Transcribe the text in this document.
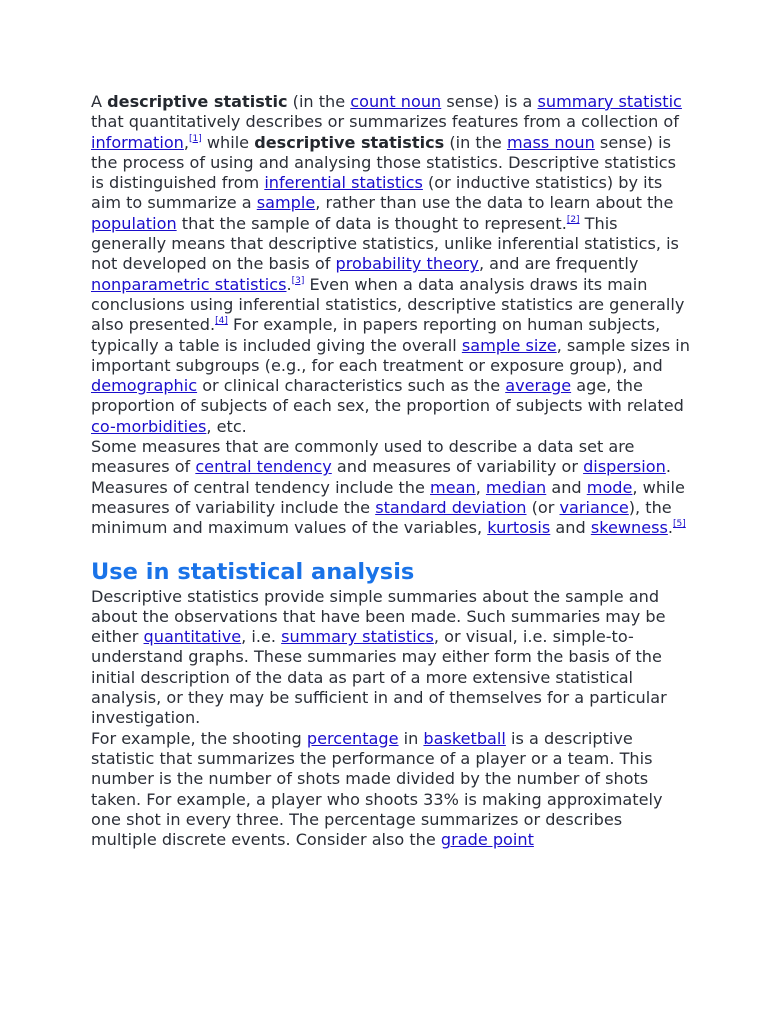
A descriptive statistic (in the count noun sense) is a summary statistic that quantitatively describes or summarizes features from a collection of information,[1] while descriptive statistics (in the mass noun sense) is the process of using and analysing those statistics. Descriptive statistics is distinguished from inferential statistics (or inductive statistics) by its aim to summarize a sample, rather than use the data to learn about the population that the sample of data is thought to represent.[2] This generally means that descriptive statistics, unlike inferential statistics, is not developed on the basis of probability theory, and are frequently nonparametric statistics.[3] Even when a data analysis draws its main conclusions using inferential statistics, descriptive statistics are generally also presented.[4] For example, in papers reporting on human subjects, typically a table is included giving the overall sample size, sample sizes in important subgroups (e.g., for each treatment or exposure group), and demographic or clinical characteristics such as the average age, the proportion of subjects of each sex, the proportion of subjects with related co-morbidities, etc.

Some measures that are commonly used to describe a data set are measures of central tendency and measures of variability or dispersion. Measures of central tendency include the mean, median and mode, while measures of variability include the standard deviation (or variance), the minimum and maximum values of the variables, kurtosis and skewness.[5]

Use in statistical analysis

Descriptive statistics provide simple summaries about the sample and about the observations that have been made. Such summaries may be either quantitative, i.e. summary statistics, or visual, i.e. simple-to-understand graphs. These summaries may either form the basis of the initial description of the data as part of a more extensive statistical analysis, or they may be sufficient in and of themselves for a particular investigation.

For example, the shooting percentage in basketball is a descriptive statistic that summarizes the performance of a player or a team. This number is the number of shots made divided by the number of shots taken. For example, a player who shoots 33% is making approximately one shot in every three. The percentage summarizes or describes multiple discrete events. Consider also the grade point
